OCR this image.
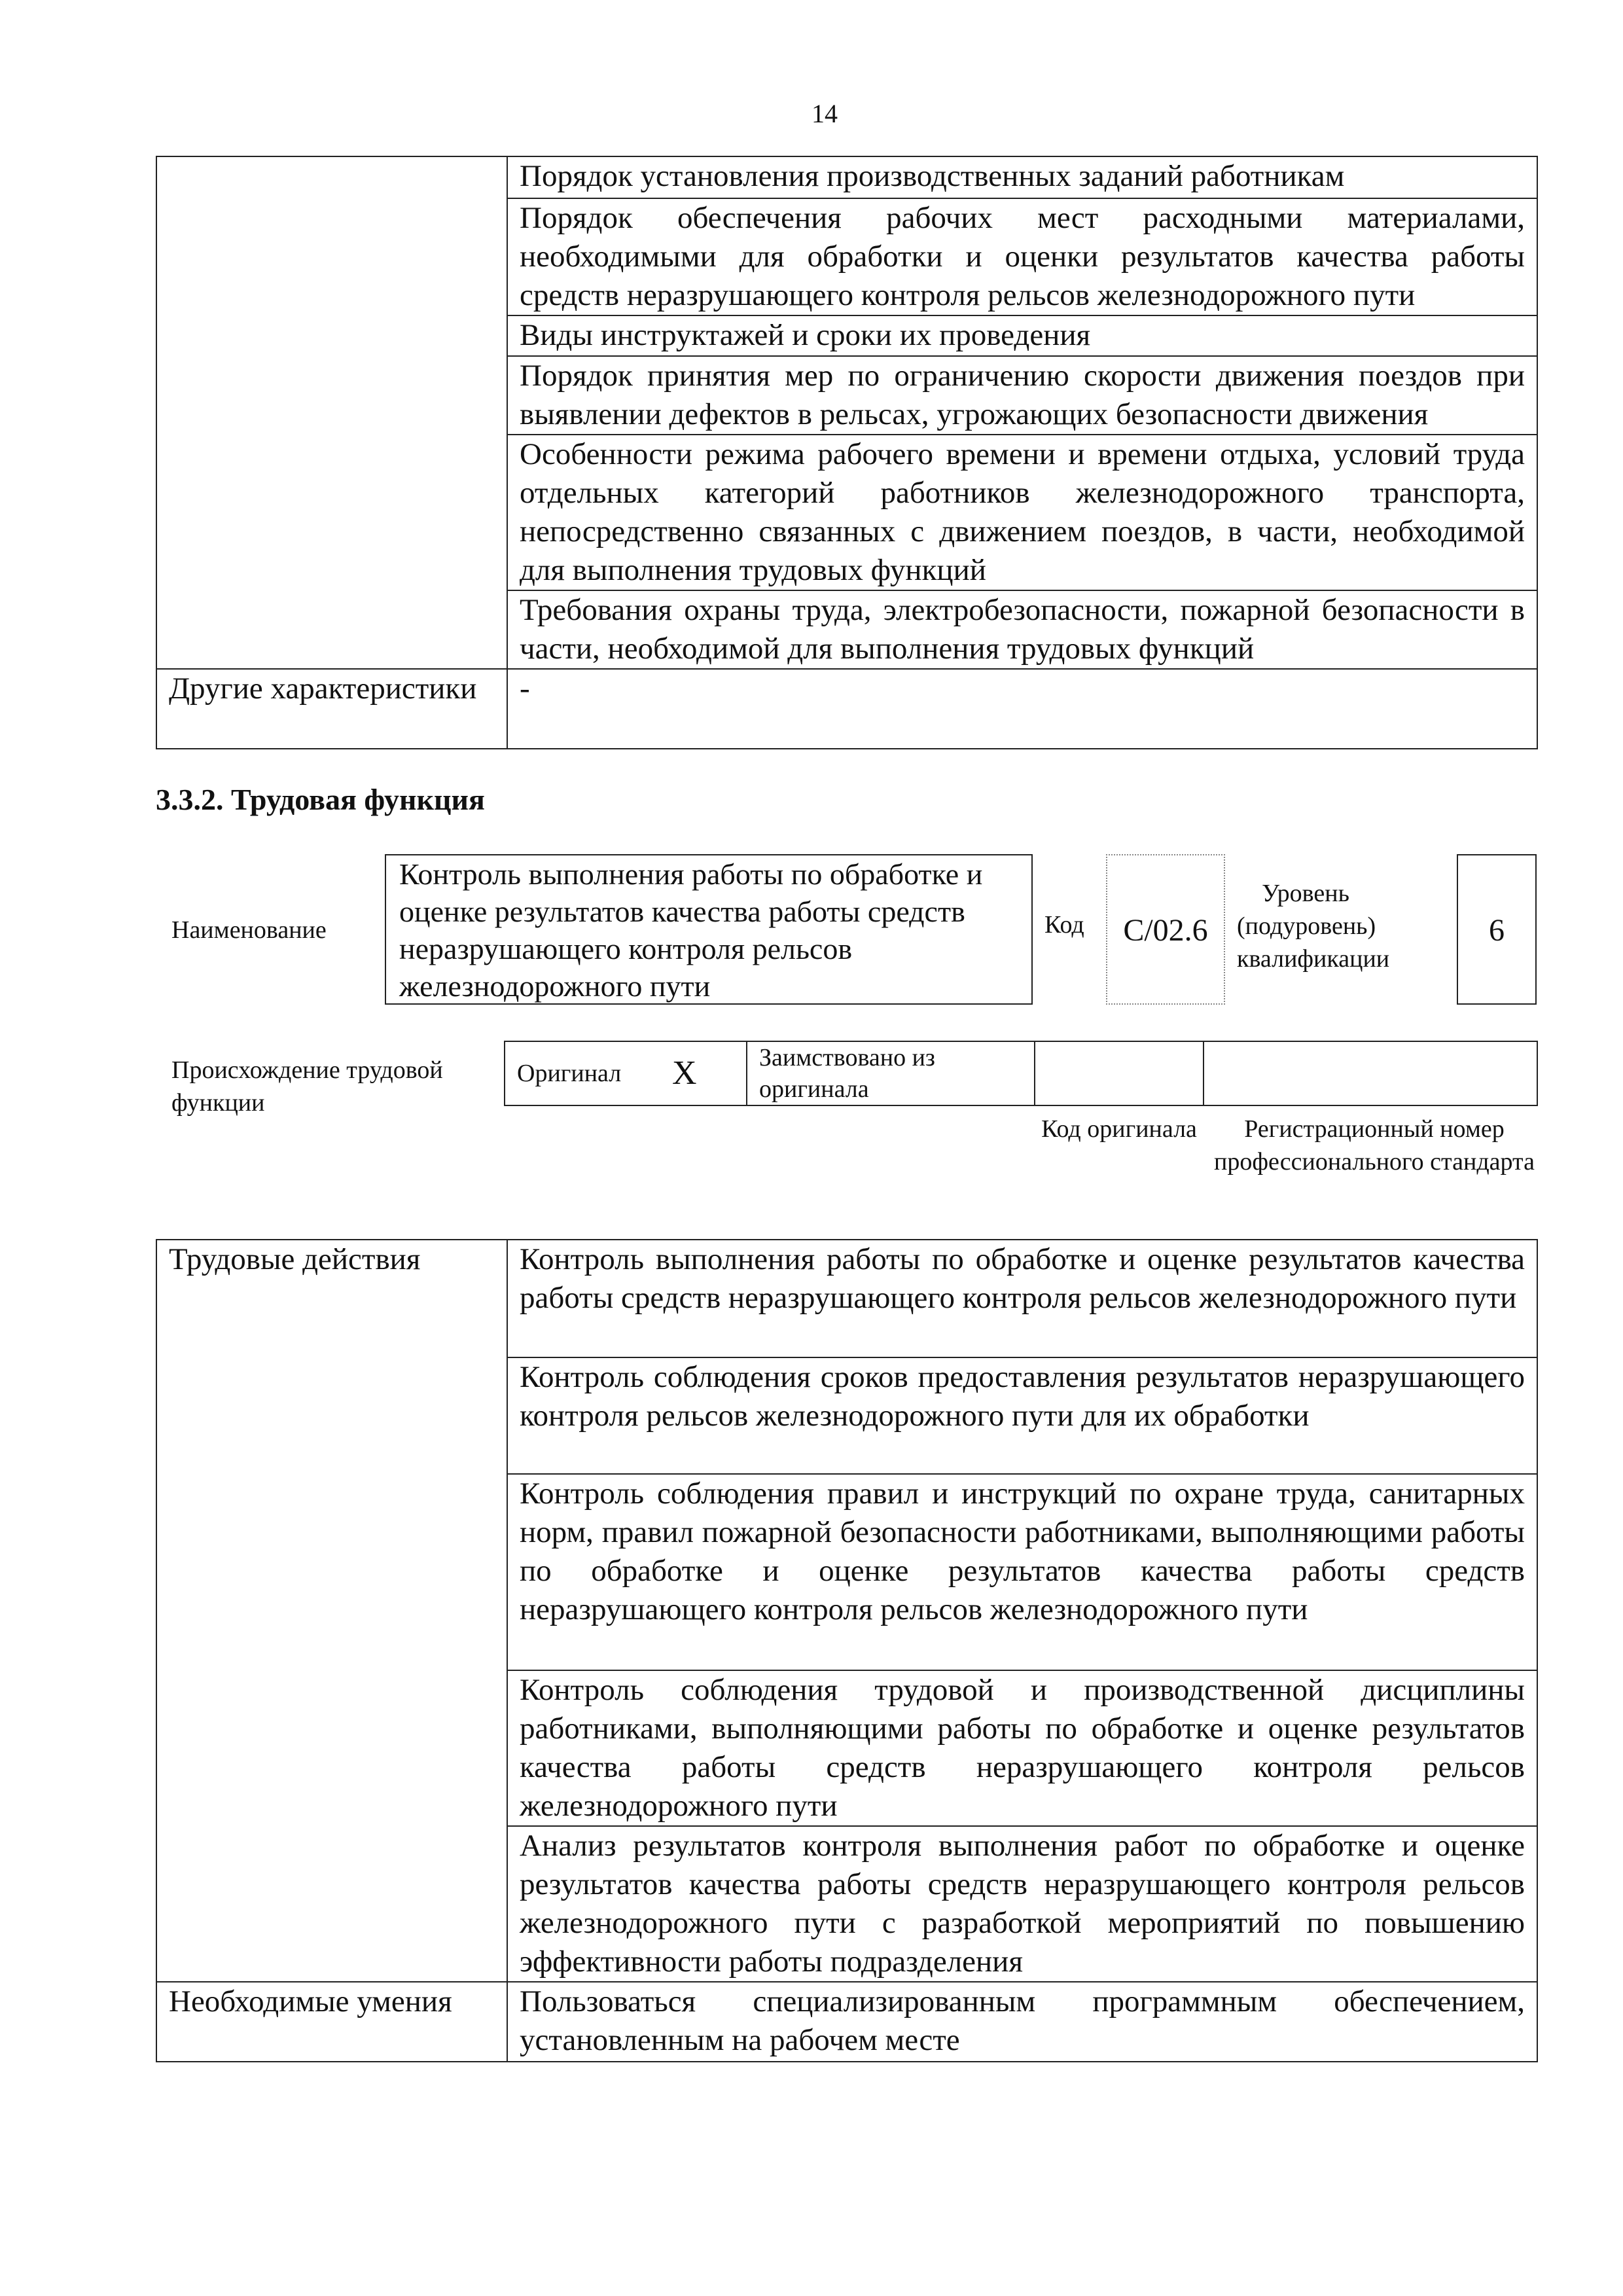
14
	Порядок установления производственных заданий работникам
	Порядок обеспечения рабочих мест расходными материалами, необходимыми для обработки и оценки результатов качества работы средств неразрушающего контроля рельсов железнодорожного пути
	Виды инструктажей и сроки их проведения
	Порядок принятия мер по ограничению скорости движения поездов при выявлении дефектов в рельсах, угрожающих безопасности движения
	Особенности режима рабочего времени и времени отдыха, условий труда отдельных категорий работников железнодорожного транспорта, непосредственно связанных с движением поездов, в части, необходимой для выполнения трудовых функций
	Требования охраны труда, электробезопасности, пожарной безопасности в части, необходимой для выполнения трудовых функций
Другие характеристики	-
3.3.2. Трудовая функция
Наименование
Контроль выполнения работы по обработке и оценке результатов качества работы средств неразрушающего контроля рельсов железнодорожного пути
Код	С/02.6
Уровень (подуровень) квалификации
6
Происхождение трудовой функции
Оригинал	X	Заимствовано из оригинала		
Код оригинала	Регистрационный номер профессионального стандарта
Трудовые действия	Контроль выполнения работы по обработке и оценке результатов качества работы средств неразрушающего контроля рельсов железнодорожного пути
	Контроль соблюдения сроков предоставления результатов неразрушающего контроля рельсов железнодорожного пути для их обработки
	Контроль соблюдения правил и инструкций по охране труда, санитарных норм, правил пожарной безопасности работниками, выполняющими работы по обработке и оценке результатов качества работы средств неразрушающего контроля рельсов железнодорожного пути
	Контроль соблюдения трудовой и производственной дисциплины работниками, выполняющими работы по обработке и оценке результатов качества работы средств неразрушающего контроля рельсов железнодорожного пути
	Анализ результатов контроля выполнения работ по обработке и оценке результатов качества работы средств неразрушающего контроля рельсов железнодорожного пути с разработкой мероприятий по повышению эффективности работы подразделения
Необходимые умения	Пользоваться специализированным программным обеспечением, установленным на рабочем месте
